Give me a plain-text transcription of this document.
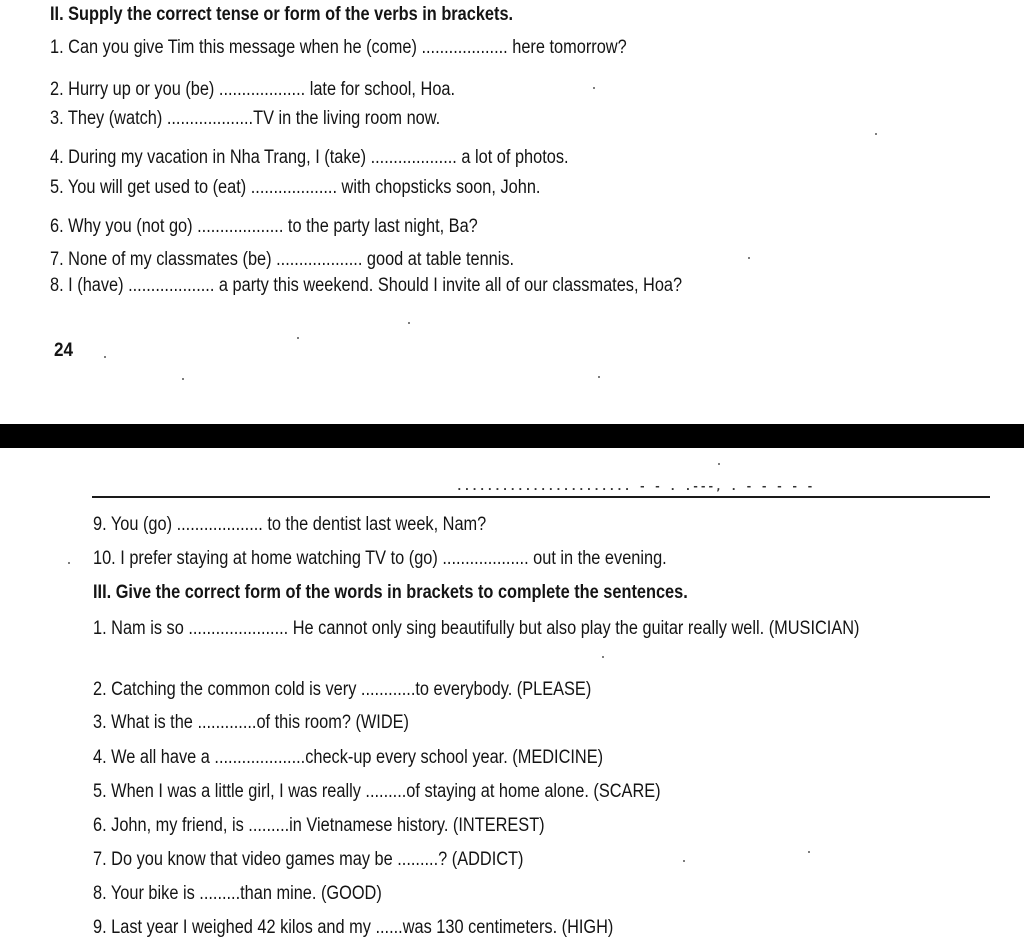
II. Supply the correct tense or form of the verbs in brackets.
1. Can you give Tim this message when he (come) ................... here tomorrow?
2. Hurry up or you (be) ................... late for school, Hoa.
3. They (watch) ...................TV in the living room now.
4. During my vacation in Nha Trang, I (take) ................... a lot of photos.
5. You will get used to (eat) ................... with chopsticks soon, John.
6. Why you (not go) ................... to the party last night, Ba?
7. None of my classmates (be) ................... good at table tennis.
8. I (have) ................... a party this weekend. Should I invite all of our classmates, Hoa?
24
....................... - - . .---, . - - - - -
9. You (go) ................... to the dentist last week, Nam?
10. I prefer staying at home watching TV to (go) ................... out in the evening.
III. Give the correct form of the words in brackets to complete the sentences.
1. Nam is so ...................... He cannot only sing beautifully but also play the guitar really well. (MUSICIAN)
2. Catching the common cold is very ............to everybody. (PLEASE)
3. What is the .............of this room? (WIDE)
4. We all have a ....................check-up every school year. (MEDICINE)
5. When I was a little girl, I was really .........of staying at home alone. (SCARE)
6. John, my friend, is .........in Vietnamese history. (INTEREST)
7. Do you know that video games may be .........? (ADDICT)
8. Your bike is .........than mine. (GOOD)
9. Last year I weighed 42 kilos and my ......was 130 centimeters. (HIGH)
